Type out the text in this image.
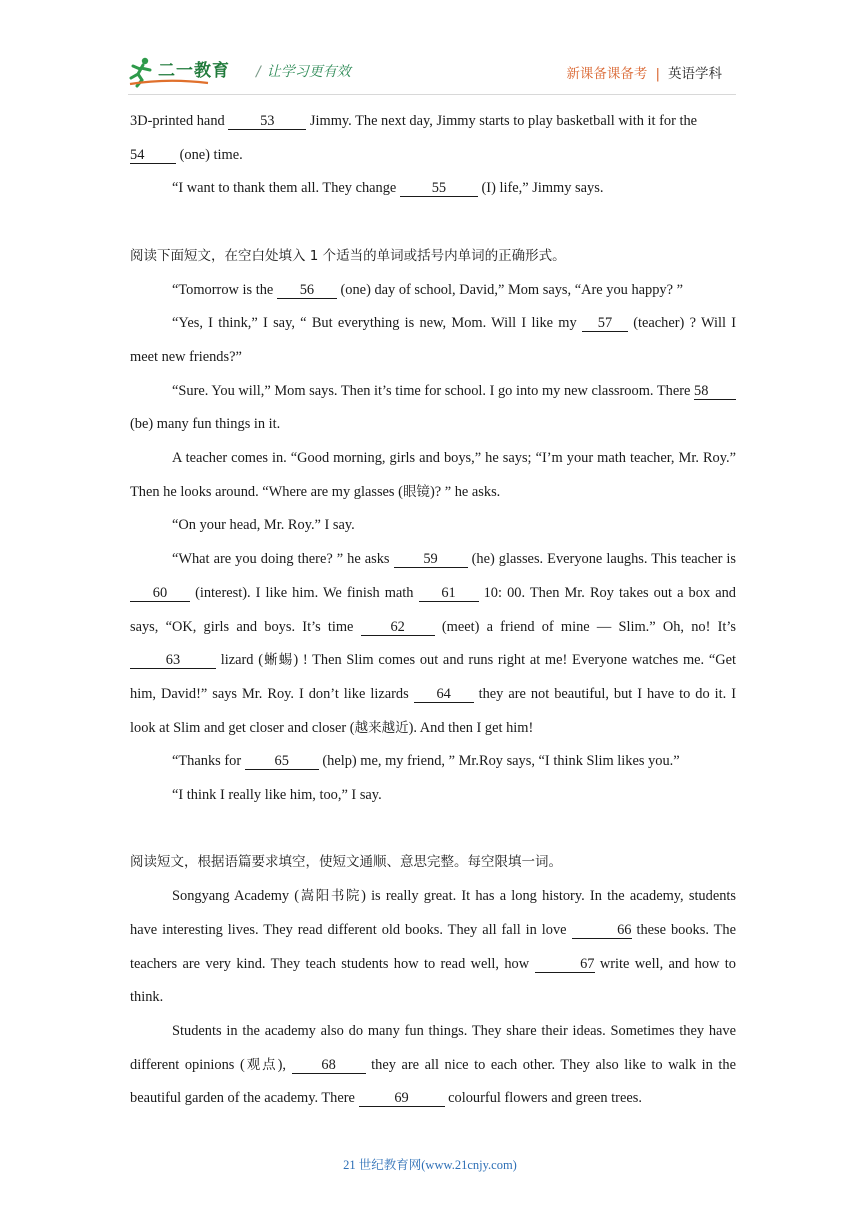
二一教育 / 让学习更有效	新课备课备考 | 英语学科

3D-printed hand 53 Jimmy. The next day, Jimmy starts to play basketball with it for the
54 (one) time.

“I want to thank them all. They change 55 (I) life,” Jimmy says.

阅读下面短文，在空白处填入 1 个适当的单词或括号内单词的正确形式。

“Tomorrow is the 56 (one) day of school, David,” Mom says, “Are you happy? ”

“Yes, I think,” I say, “ But everything is new, Mom. Will I like my 57 (teacher) ? Will I meet new friends?”

“Sure. You will,” Mom says. Then it’s time for school. I go into my new classroom. There 58 (be) many fun things in it.

A teacher comes in. “Good morning, girls and boys,” he says; “I’m your math teacher, Mr. Roy.” Then he looks around. “Where are my glasses (眼镜)? ” he asks.

“On your head, Mr. Roy.” I say.

“What are you doing there? ” he asks 59 (he) glasses. Everyone laughs. This teacher is 60 (interest). I like him. We finish math 61 10: 00. Then Mr. Roy takes out a box and says, “OK, girls and boys. It’s time 62 (meet) a friend of mine — Slim.” Oh, no! It’s 63 lizard (蜥蜴) ! Then Slim comes out and runs right at me! Everyone watches me. “Get him, David!” says Mr. Roy. I don’t like lizards 64 they are not beautiful, but I have to do it. I look at Slim and get closer and closer (越来越近). And then I get him!

“Thanks for 65 (help) me, my friend, ” Mr.Roy says, “I think Slim likes you.”

“I think I really like him, too,” I say.

阅读短文，根据语篇要求填空，使短文通顺、意思完整。每空限填一词。

Songyang Academy (嵩阳书院) is really great. It has a long history. In the academy, students have interesting lives. They read different old books. They all fall in love	66 these books. The teachers are very kind. They teach students how to read well, how	67 write well, and how to think.

Students in the academy also do many fun things. They share their ideas. Sometimes they have different opinions (观点), 68 they are all nice to each other. They also like to walk in the beautiful garden of the academy. There 69 colourful flowers and green trees.

21 世纪教育网(www.21cnjy.com)
